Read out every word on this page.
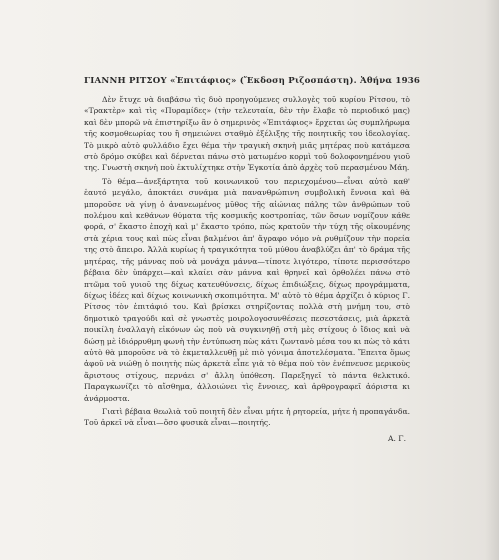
ΓΙΑΝΝΗ ΡΙΤΣΟΥ «Ἐπιτάφιος» (Ἔκδοση Ριζοσπάστη). Ἀθήνα 1936

Δὲν ἔτυχε νὰ διαβάσω τὶς δυὸ προηγούμενες συλλογὲς τοῦ κυρίου Ρίτσου, τὸ «Τρακτὲρ» καὶ τὶς «Πυραμίδες» (τὴν τελευταία, δὲν τὴν ἔλαβε τὸ περιοδικό μας) καὶ δὲν μπορῶ νὰ ἐπιστηρίξω ἂν ὁ σημερινὸς «Ἐπιτάφιος» ἔρχεται ὡς συμπλήρωμα τῆς κοσμοθεωρίας του ἢ σημειώνει σταθμὸ ἐξέλιξης τῆς ποιητικῆς του ἰδεολογίας. Τὸ μικρὸ αὐτὸ φυλλάδιο ἔχει θέμα τὴν τραγικὴ σκηνὴ μιᾶς μητέρας ποὺ κατάμεσα στὸ δρόμο σκύβει καὶ δέρνεται πάνω στὸ ματωμένο κορμὶ τοῦ δολοφονημένου γιοῦ της. Γνωστὴ σκηνὴ ποὺ ἐκτυλίχτηκε στὴν Ἐγκοτία ἀπὸ ἀρχὲς τοῦ περασμένου Μάη.

Τὸ θέμα—ἀνεξάρτητα τοῦ κοινωνικοῦ του περιεχομένου—εἶναι αὐτὸ καθ' ἑαυτό μεγάλο, ἀποκτάει συνάμα μιὰ πανανθρώπινη συμβολικὴ ἔννοια καὶ θὰ μποροῦσε νὰ γίνῃ ὁ ἀνανεωμένος μῦθος τῆς αἰώνιας πάλης τῶν ἀνθρώπων τοῦ πολέμου καὶ κεθάνων θύματα τῆς κοσμικῆς κοστροπίας, τῶν ὅσων νομίζουν κάθε φορά, σ' ἕκαστο ἐποχὴ καὶ μ' ἕκαστο τρόπο, πὼς κρατοῦν τὴν τύχη τῆς οἰκουμένης στὰ χέρια τους καὶ πὼς εἶναι βαλμένοι ἀπ' ἄγραφο νόμο νὰ ρυθμίζουν τὴν πορεία της στὸ ἄπειρο. Ἀλλὰ κυρίως ἡ τραγικότητα τοῦ μύθου ἀναβλύζει ἀπ' τὸ δράμα τῆς μητέρας, τῆς μάννας ποὺ νὰ μονάχα μάννα—τίποτε λιγότερο, τίποτε περισσότερο βέβαια δὲν ὑπάρχει—καὶ κλαίει σὰν μάννα καὶ θρηνεῖ καὶ ὀρθολέει πάνω στὸ πτῶμα τοῦ γυιοῦ της δίχως κατευθύνσεις, δίχως ἐπιδιώξεις, δίχως προγράμματα, δίχως ἰδέες καὶ δίχως κοινωνικὴ σκοπιμότητα. Μ' αὐτὸ τὸ θέμα ἀρχίζει ὁ κύριος Γ. Ρίτσος τὸν ἐπιτάφιό του. Καὶ βρίσκει στηρίζοντας πολλὰ στὴ μνήμη του, στὸ δημοτικὸ τραγούδι καὶ σὲ γνωστὲς μοιρολογοσυνθέσεις πεσεστάσεις, μιὰ ἀρκετὰ ποικίλη ἐναλλαγὴ εἰκόνων ὡς ποὺ νὰ συγκινηθῇ στὴ μὲς στίχους ὁ ἴδιος καὶ νὰ δώσῃ μὲ ἰδιόρρυθμη φωνὴ τὴν ἐντύπωση πὼς κάτι ζωντανὸ μέσα του κι πὼς τὸ κάτι αὐτὸ θὰ μποροῦσε νὰ τὸ ἐκμεταλλευθῇ μὲ πιὸ γόνιμα ἀποτελέσματα. Ἔπειτα ὅμως ἀφοῦ νὰ νιώθῃ ὁ ποιητὴς πὼς ἀρκετὰ εἶπε γιὰ τὸ θέμα ποὺ τὸν ἐνέπνευσε μερικοὺς ἄριστους στίχους, περνάει σ' ἄλλη ὑπόθεση. Παρεξηγεῖ τὸ πάντα θελκτικό. Παραγκωνίζει τὸ αἴσθημα, ἀλλοιώνει τὶς ἔννοιες, καὶ ἀρθρογραφεῖ ἀόριστα κι ἀνάρμοστα.

Γιατὶ βέβαια θεωλιὰ τοῦ ποιητῆ δὲν εἶναι μήτε ἡ ρητορεία, μήτε ἡ προπαγάνδα. Τοῦ ἀρκεῖ νὰ εἶναι—ὅσο φυσικὰ εἶναι—ποιητής.

Α. Γ.
